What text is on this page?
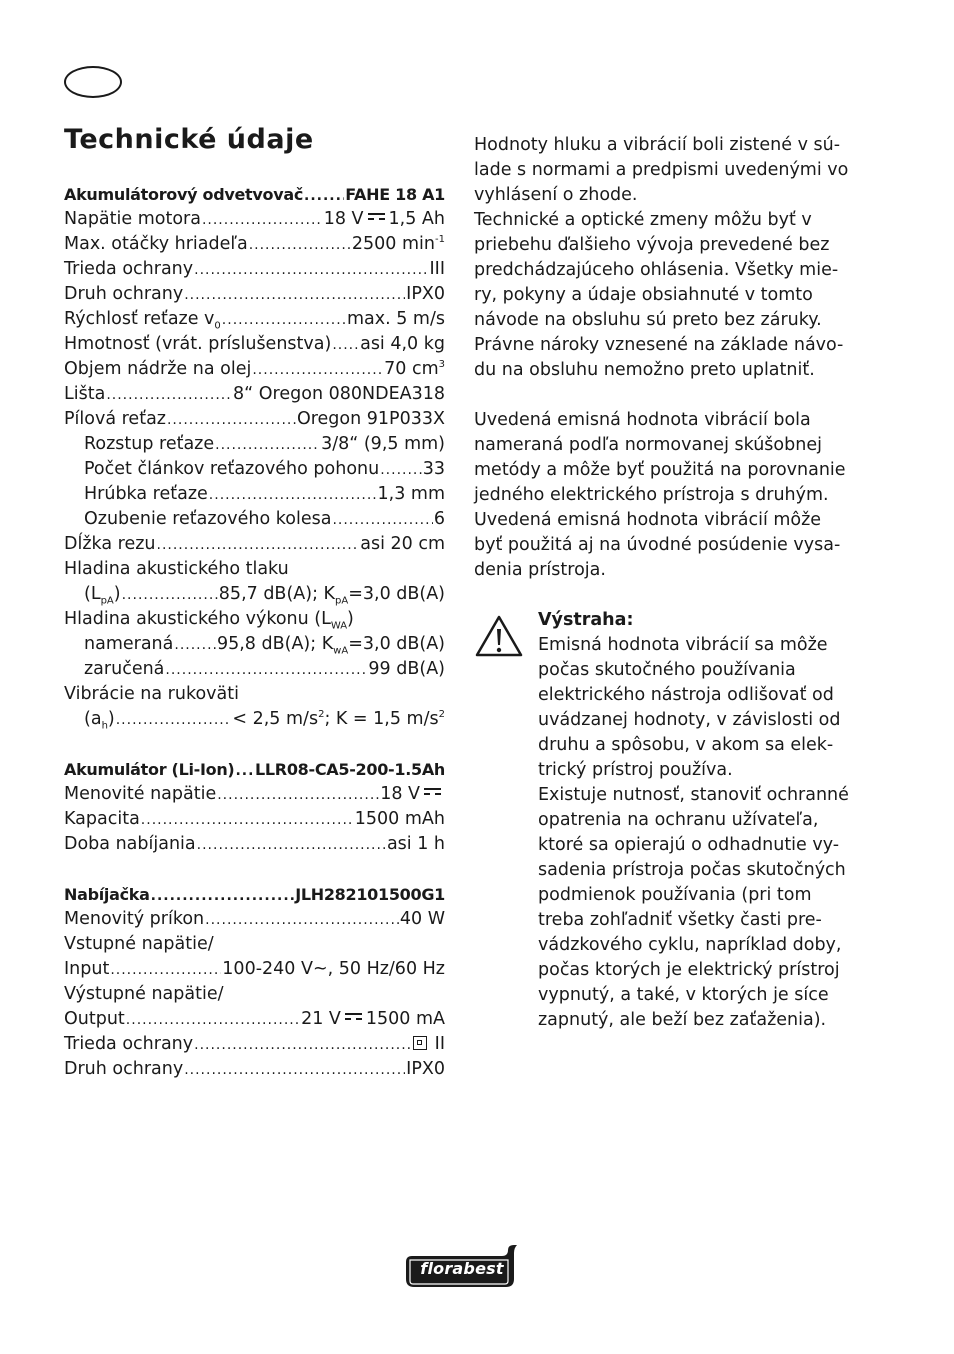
Technické údaje
Akumulátorový odvetvovač .....	FAHE 18 A1
Napätie motora .....	18 V 1,5 Ah
Max. otáčky hriadeľa .....	2500 $\min^{-1}$
Trieda ochrany .....	III
Druh ochrany .....	IPX0
Rýchlosť reťaze $v_0$ .....	max. 5 m/s
Hmotnosť (vrát. príslušenstva) ..... asi 4,0 kg
Objem nádrže na olej .....	70 $cm^3$
Lišta .....	8“ Oregon 080NDEA318
Pílová reťaz .....	Oregon 91P033X
Rozstup reťaze .....	3/8“ (9,5 mm)
Počet článkov reťazového pohonu ..... 33
Hrúbka reťaze .....	1,3 mm
Ozubenie reťazového kolesa .....	6
Dĺžka rezu .....	asi 20 cm
Hladina akustického tlaku
$(L_{pA})$ .....	85,7 dB(A); $K_{pA}=3,0$ dB(A)
Hladina akustického výkonu $(L_{WA})$
nameraná ..... 95,8 dB(A); $K_{wA}=3,0$ dB(A)
zaručená .....	99 dB(A)
Vibrácie na rukoväti
$(a_h)$ .....	< 2,5 $m/s^2$; K = 1,5 $m/s^2$
Akumulátor (Li-Ion) ..... LLR08-CA5-200-1.5Ah
Menovité napätie .....	18 V
Kapacita .....	1500 mAh
Doba nabíjania .....	asi 1 h
Nabíjačka .....	JLH282101500G1
Menovitý príkon .....	40 W
Vstupné napätie/
Input .....	100-240 V~, 50 Hz/60 Hz
Výstupné napätie/
Output .....	21 V 1500 mA
Trieda ochrany .....	II
Druh ochrany .....	IPX0

Hodnoty hluku a vibrácií boli zistené v sú-

lade s normami a predpismi uvedenými vo

vyhlásení o zhode.

Technické a optické zmeny môžu byť v

priebehu ďalšieho vývoja prevedené bez

predchádzajúceho ohlásenia. Všetky mie-

ry, pokyny a údaje obsiahnuté v tomto

návode na obsluhu sú preto bez záruky.

Právne nároky vznesené na základe návo-

du na obsluhu nemožno preto uplatniť.

Uvedená emisná hodnota vibrácií bola

nameraná podľa normovanej skúšobnej

metódy a môže byť použitá na porovnanie

jedného elektrického prístroja s druhým.

Uvedená emisná hodnota vibrácií môže

byť použitá aj na úvodné posúdenie vysa-

denia prístroja.

Výstraha:

Emisná hodnota vibrácií sa môže

počas skutočného používania

elektrického nástroja odlišovať od

uvádzanej hodnoty, v závislosti od

druhu a spôsobu, v akom sa elek-

trický prístroj používa.

Existuje nutnosť, stanoviť ochranné

opatrenia na ochranu užívateľa,

ktoré sa opierajú o odhadnutie vy-

sadenia prístroja počas skutočných

podmienok používania (pri tom

treba zohľadniť všetky časti pre-

vádzkového cyklu, napríklad doby,

počas ktorých je elektrický prístroj

vypnutý, a také, v ktorých je síce

zapnutý, ale beží bez zaťaženia).

florabest
